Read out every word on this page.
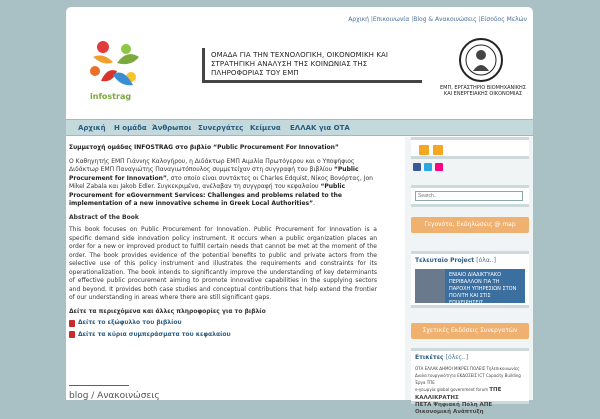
Αρχική |Επικοινωνία |Blog & Ανακοινώσεις |Είσοδος Μελών
infostrag
ΟΜΑΔΑ ΓΙΑ ΤΗΝ ΤΕΧΝΟΛΟΓΙΚΗ, ΟΙΚΟΝΟΜΙΚΗ ΚΑΙ ΣΤΡΑΤΗΓΙΚΗ ΑΝΑΛΥΣΗ ΤΗΣ ΚΟΙΝΩΝΙΑΣ ΤΗΣ ΠΛΗΡΟΦΟΡΙΑΣ ΤΟΥ ΕΜΠ
ΕΜΠ, ΕΡΓΑΣΤΗΡΙΟ ΒΙΟΜΗΧΑΝΙΚΗΣ
ΚΑΙ ΕΝΕΡΓΕΙΑΚΗΣ ΟΙΚΟΝΟΜΙΑΣ
Αρχική Η ομάδα Άνθρωποι Συνεργάτες Κείμενα ΕΛΛΑΚ για ΟΤΑ
Συμμετοχή ομάδας INFOSTRAG στο βιβλίο “Public Procurement For Innovation”

Ο Καθηγητής ΕΜΠ Γιάννης Καλογήρου, η Διδάκτωρ ΕΜΠ Αιμιλία Πρωτόγερου και ο Υποψήφιος Διδάκτωρ ΕΜΠ Παναγιώτης Παναγιωτόπουλος συμμετείχαν στη συγγραφή του βιβλίου “Public Procurement for Innovation”, στο οποίο είναι συντάκτες οι Charles Edquist, Νίκος Βονόρτας, Jon Mikel Zabala και Jakob Edler. Συγκεκριμένα, ανέλαβαν τη συγγραφή του κεφαλαίου “Public Procurement for eGovernment Services: Challenges and problems related to the implementation of a new innovative scheme in Greek Local Authorities”.

Abstract of the Book

This book focuses on Public Procurement for Innovation. Public Procurement for Innovation is a specific demand side innovation policy instrument. It occurs when a public organization places an order for a new or improved product to fulfill certain needs that cannot be met at the moment of the order. The book provides evidence of the potential benefits to public and private actors from the selective use of this policy instrument and illustrates the requirements and constraints for its operationalization. The book intends to significantly improve the understanding of key determinants of effective public procurement aiming to promote innovative capabilities in the supplying sectors and beyond. It provides both case studies and conceptual contributions that help extend the frontier of our understanding in areas where there are still significant gaps.

Δείτε τα περιεχόμενα και άλλες πληροφορίες για το βιβλίο
Δείτε το εξώφυλλο του βιβλίου
Δείτε τα κύρια συμπεράσματα του κεφαλαίου
blog / Ανακοινώσεις
Search..
Γεγονότα, Εκδηλώσεις @ map
Τελευταίο Project [όλα..]
ΕΝΙΑΙΟ ΔΙΑΔΙΚΤΥΑΚΟ ΠΕΡΙΒΑΛΛΟΝ ΓΙΑ ΤΗ ΠΑΡΟΧΗ ΥΠΗΡΕΣΙΩΝ ΣΤΟΝ ΠΟΛΙΤΗ ΚΑΙ ΣΤΙΣ ΕΠΙΧΕΙΡΗΣΕΙΣ
Σχετικές Εκδόσεις Συνεργατών
Ετικέτες [όλες..]
ΟΤΑ ΕΛΛΑΚ ΔΗΜΟΙ ΜΙΚΡΕΣ ΠΟΛΕΙΣ Τηλεπικοινωνίες
Διαλειτουργικότητα ΕΚΔΟΣΕΙΣ ICT Capacity Building Έργα ΤΠΕ
e-γεωργία global government forum ΤΠΕ ΚΑΛΛΙΚΡΑΤΗΣ
ΠΕΤΑ Ψηφιακή Πόλη ΑΠΕ Οικονομική Ανάπτυξη
